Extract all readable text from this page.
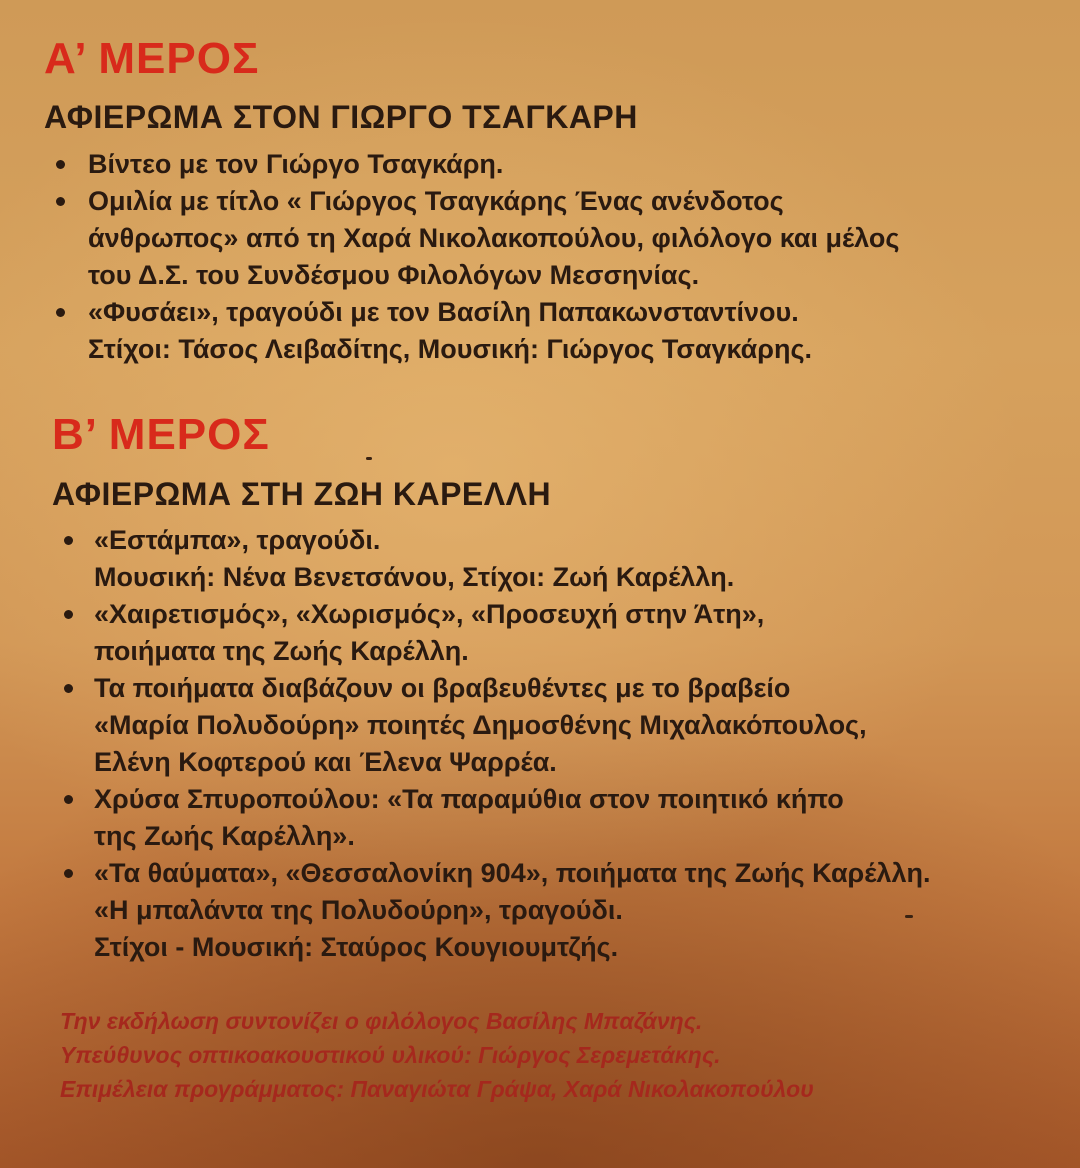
Α’ ΜΕΡΟΣ
ΑΦΙΕΡΩΜΑ ΣΤΟΝ ΓΙΩΡΓΟ ΤΣΑΓΚΑΡΗ
Βίντεο με τον Γιώργο Τσαγκάρη.
Ομιλία με τίτλο « Γιώργος Τσαγκάρης Ένας ανένδοτος
άνθρωπος» από τη Χαρά Νικολακοπούλου, φιλόλογο και μέλος
του Δ.Σ. του Συνδέσμου Φιλολόγων Μεσσηνίας.
«Φυσάει», τραγούδι με τον Βασίλη Παπακωνσταντίνου.
Στίχοι: Τάσος Λειβαδίτης, Μουσική: Γιώργος Τσαγκάρης.
Β’ ΜΕΡΟΣ
ΑΦΙΕΡΩΜΑ ΣΤΗ ΖΩΗ ΚΑΡΕΛΛΗ
«Εστάμπα», τραγούδι.
Μουσική: Νένα Βενετσάνου, Στίχοι: Ζωή Καρέλλη.
«Χαιρετισμός», «Χωρισμός», «Προσευχή στην Άτη»,
ποιήματα της Ζωής Καρέλλη.
Τα ποιήματα διαβάζουν οι βραβευθέντες με το βραβείο
«Μαρία Πολυδούρη» ποιητές Δημοσθένης Μιχαλακόπουλος,
Ελένη Κοφτερού και Έλενα Ψαρρέα.
Χρύσα Σπυροπούλου: «Τα παραμύθια στον ποιητικό κήπο
της Ζωής Καρέλλη».
«Τα θαύματα», «Θεσσαλονίκη 904», ποιήματα της Ζωής Καρέλλη.
«Η μπαλάντα της Πολυδούρη», τραγούδι.
Στίχοι - Μουσική: Σταύρος Κουγιουμτζής.

Την εκδήλωση συντονίζει ο φιλόλογος Βασίλης Μπαζάνης.

Υπεύθυνος οπτικοακουστικού υλικού: Γιώργος Σερεμετάκης.

Επιμέλεια προγράμματος: Παναγιώτα Γράψα, Χαρά Νικολακοπούλου
